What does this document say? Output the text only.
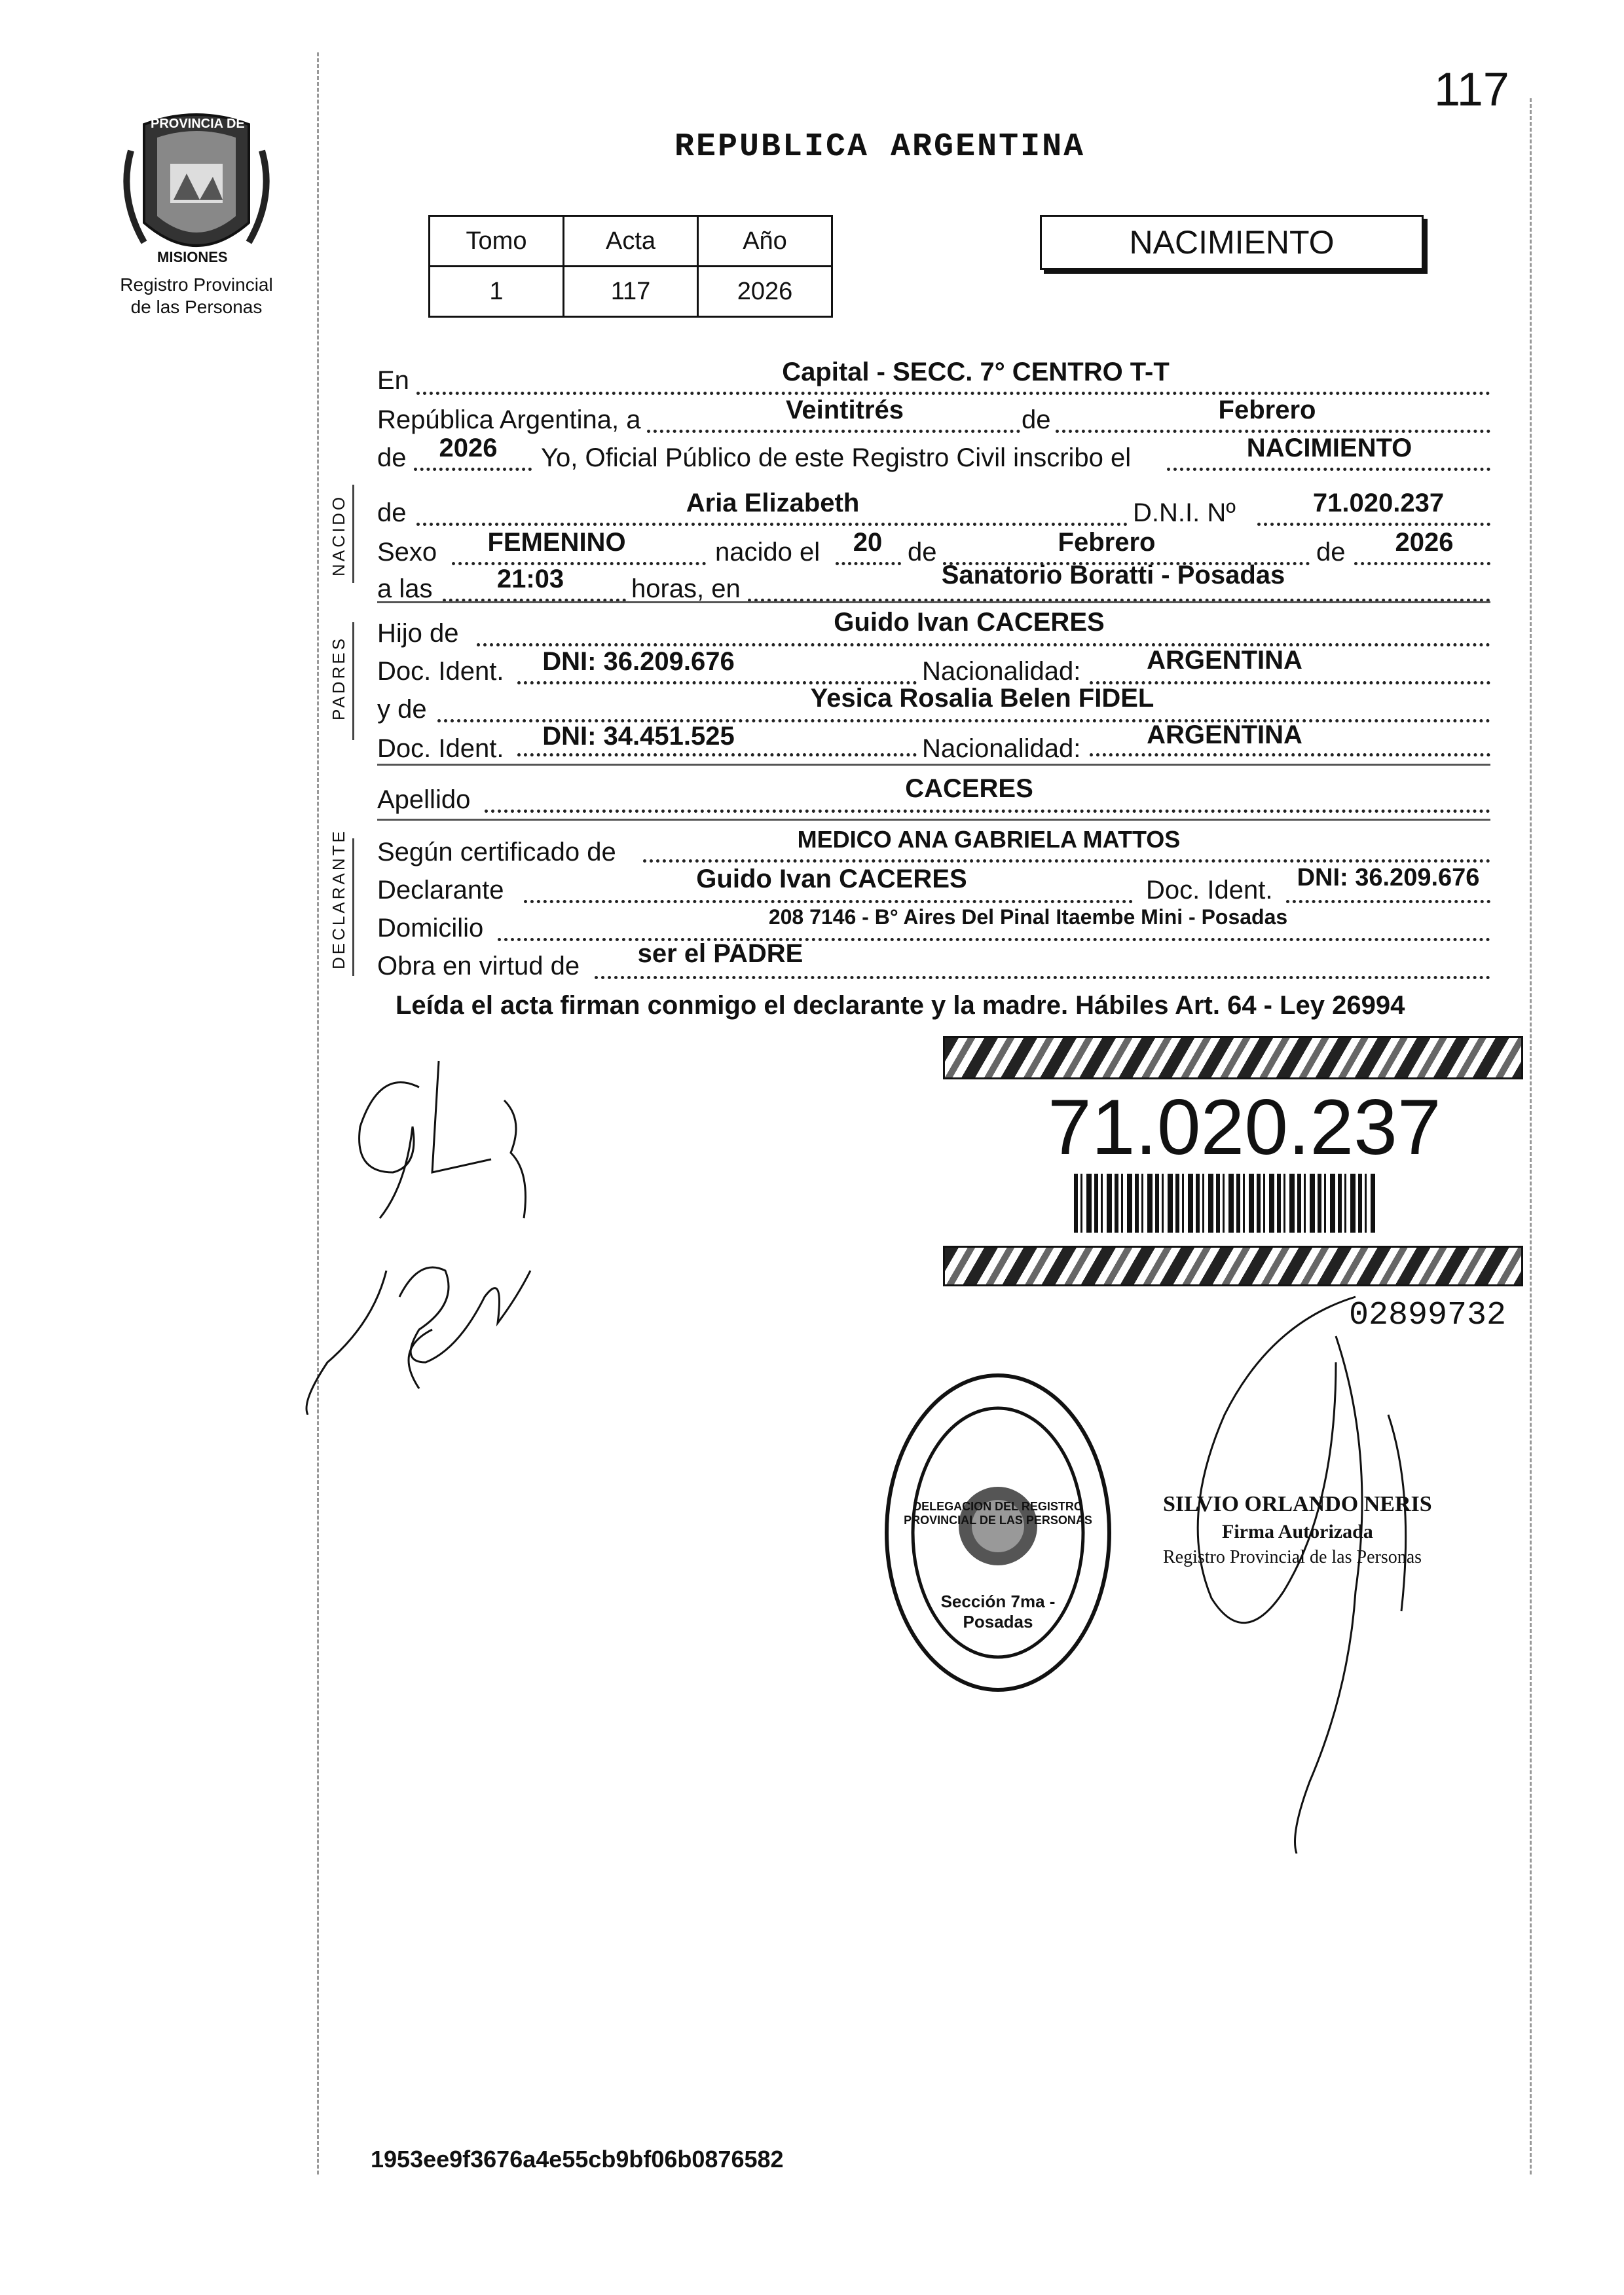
117
PROVINCIA DE
MISIONES
Registro Provincial
de las Personas
REPUBLICA ARGENTINA
Tomo	Acta	Año
1	117	2026
NACIMIENTO
NACIDO
PADRES
DECLARANTE
En	Capital - SECC. 7° CENTRO T-T
República Argentina, a	Veintitrés	de	Febrero
de	2026	Yo, Oficial Público de este Registro Civil inscribo el	NACIMIENTO
de	Aria Elizabeth	D.N.I. Nº	71.020.237
Sexo	FEMENINO	nacido el	20 de	Febrero	de	2026
a las	21:03	horas, en	Sanatorio Boratti - Posadas
Hijo de	Guido Ivan CACERES
Doc. Ident.	DNI: 36.209.676	Nacionalidad:	ARGENTINA
y de	Yesica Rosalia Belen FIDEL
Doc. Ident.	DNI: 34.451.525	Nacionalidad:	ARGENTINA
Apellido	CACERES
Según certificado de	MEDICO ANA GABRIELA MATTOS
Declarante	Guido Ivan CACERES	Doc. Ident. DNI: 36.209.676
Domicilio	208 7146 - B° Aires Del Pinal Itaembe Mini - Posadas
Obra en virtud de	ser el PADRE
Leída el acta firman conmigo el declarante y la madre. Hábiles Art. 64 - Ley 26994
71.020.237
02899732
DELEGACION DEL REGISTRO PROVINCIAL DE LAS PERSONAS
Sección 7ma - Posadas
SILVIO ORLANDO NERIS
Firma Autorizada
Registro Provincial de las Personas
1953ee9f3676a4e55cb9bf06b0876582
